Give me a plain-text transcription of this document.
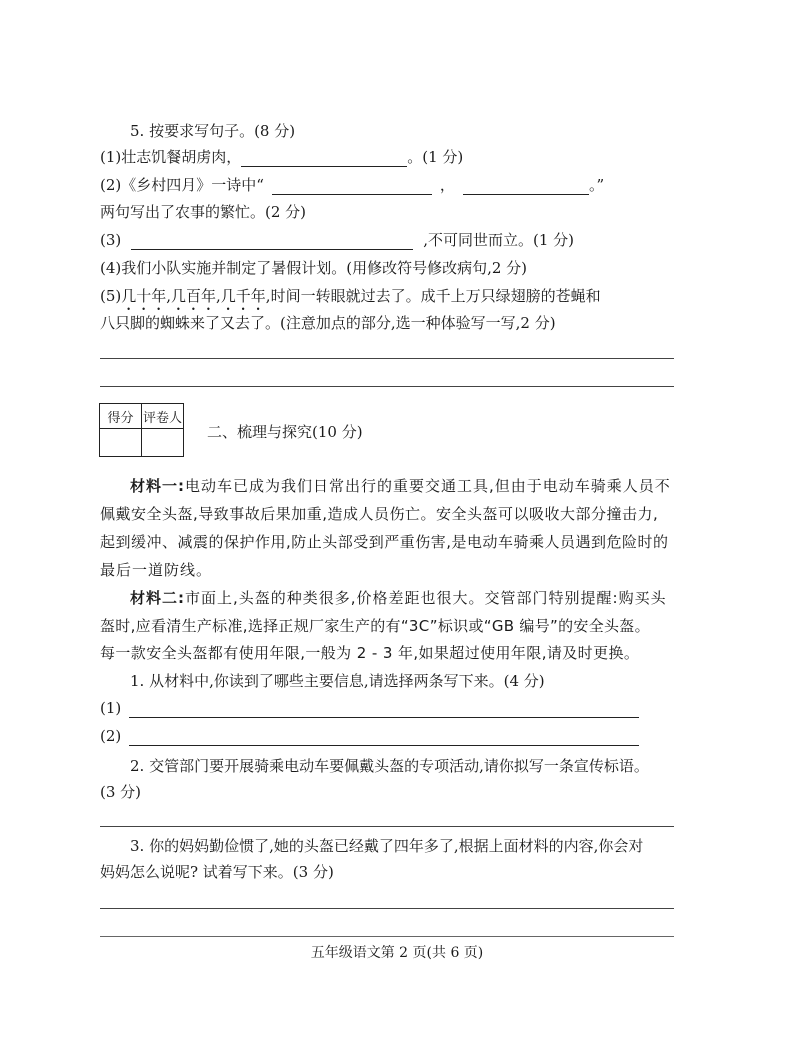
5. 按要求写句子。(8 分)
(1)壮志饥餐胡虏肉，	。(1 分)
(2)《乡村四月》一诗中“	，	。”
两句写出了农事的繁忙。(2 分)
(3)	,不可同世而立。(1 分)
(4)我们小队实施并制定了暑假计划。(用修改符号修改病句,2 分)
(5)几十年,几百年,几千年,时间一转眼就过去了。成千上万只绿翅膀的苍蝇和
八只脚的蜘蛛来了又去了。(注意加点的部分,选一种体验写一写,2 分)
得分	评卷人

二、梳理与探究(10 分)
材料一:电动车已成为我们日常出行的重要交通工具,但由于电动车骑乘人员不
佩戴安全头盔,导致事故后果加重,造成人员伤亡。安全头盔可以吸收大部分撞击力,
起到缓冲、减震的保护作用,防止头部受到严重伤害,是电动车骑乘人员遇到危险时的
最后一道防线。
材料二:市面上,头盔的种类很多,价格差距也很大。交管部门特别提醒:购买头
盔时,应看清生产标准,选择正规厂家生产的有“3C”标识或“GB 编号”的安全头盔。
每一款安全头盔都有使用年限,一般为 2 - 3 年,如果超过使用年限,请及时更换。
1. 从材料中,你读到了哪些主要信息,请选择两条写下来。(4 分)
(1)
(2)
2. 交管部门要开展骑乘电动车要佩戴头盔的专项活动,请你拟写一条宣传标语。
(3 分)
3. 你的妈妈勤俭惯了,她的头盔已经戴了四年多了,根据上面材料的内容,你会对
妈妈怎么说呢? 试着写下来。(3 分)
五年级语文第 2 页(共 6 页)
